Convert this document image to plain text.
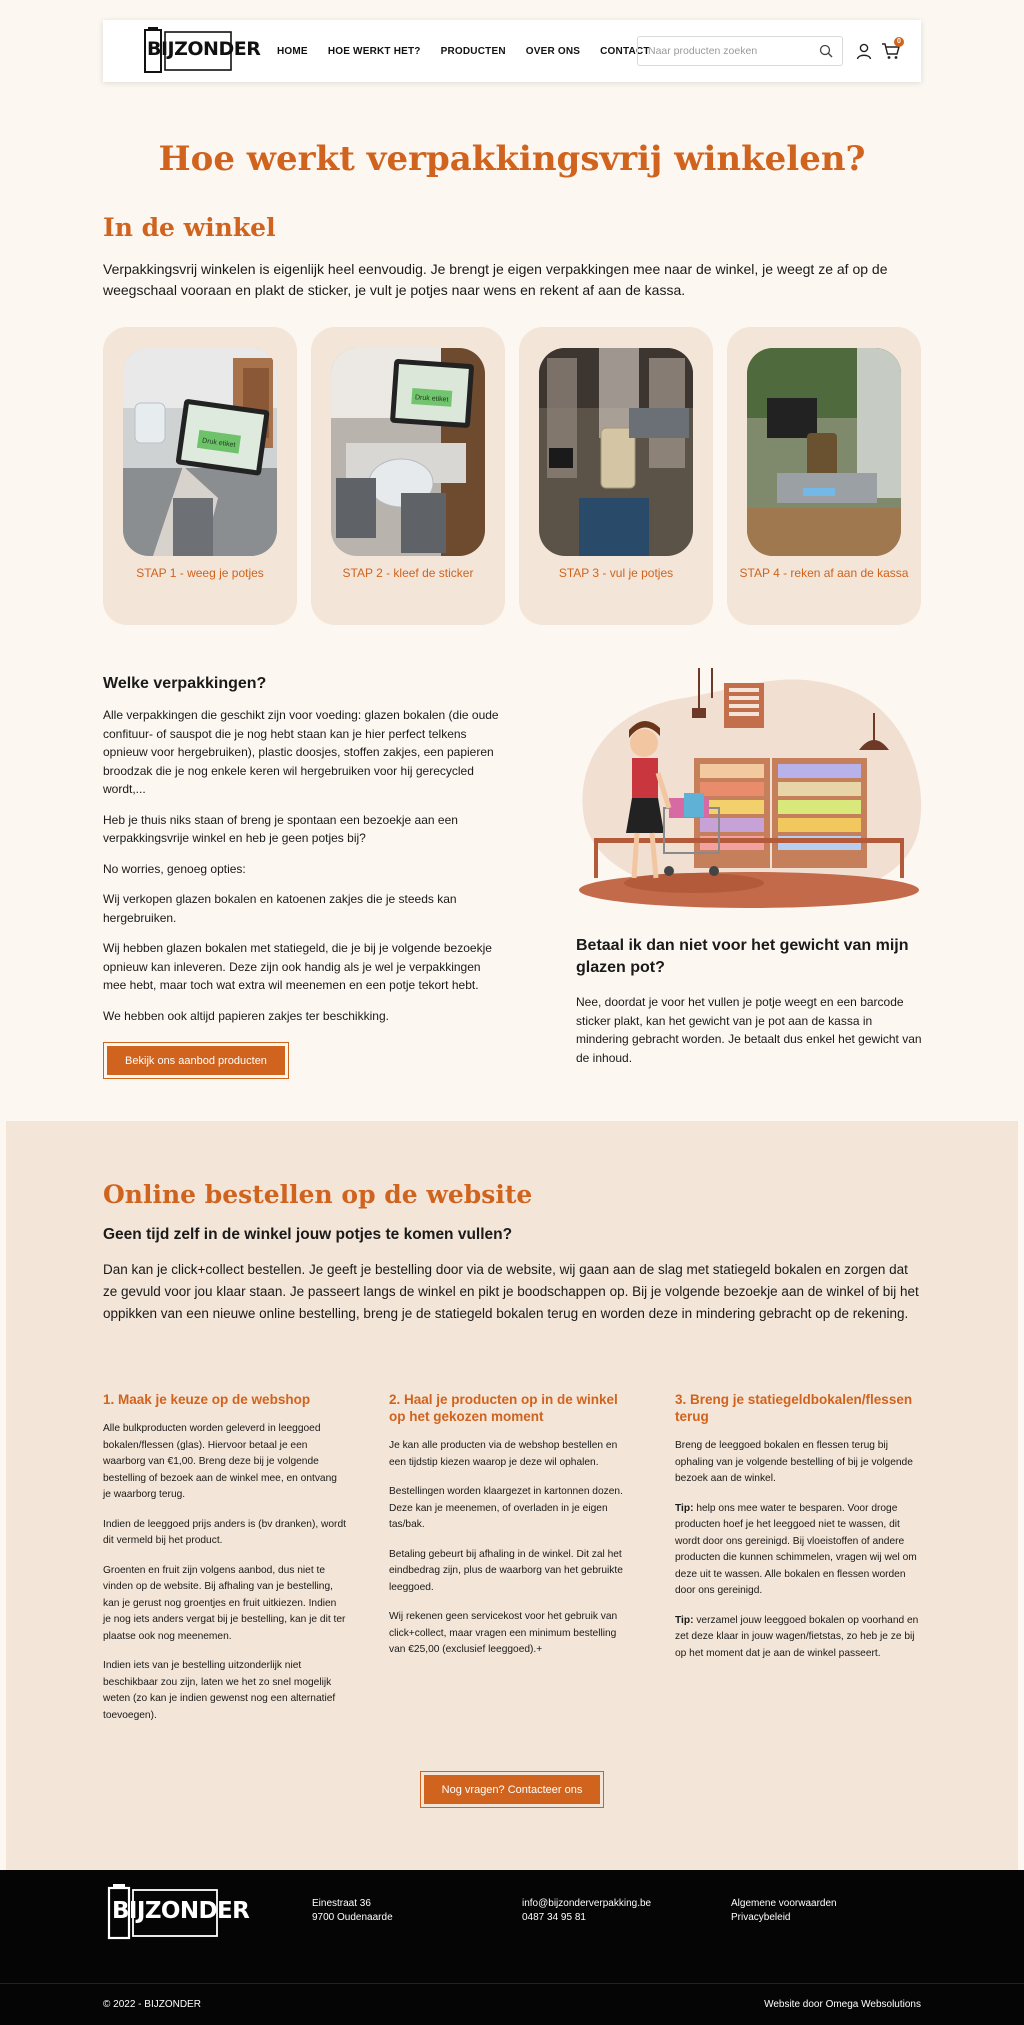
BIJZONDER HOME HOE WERKT HET? PRODUCTEN OVER ONS CONTACT
Naar producten zoeken
0
Hoe werkt verpakkingsvrij winkelen?
In de winkel

Verpakkingsvrij winkelen is eigenlijk heel eenvoudig. Je brengt je eigen verpakkingen mee naar de winkel, je weegt ze af op de weegschaal vooraan en plakt de sticker, je vult je potjes naar wens en rekent af aan de kassa.

Druk etiket

STAP 1 - weeg je potjes

Druk etiket

STAP 2 - kleef de sticker	STAP 3 - vul je potjes	STAP 4 - reken af aan de kassa

Welke verpakkingen?

Alle verpakkingen die geschikt zijn voor voeding: glazen bokalen (die oude confituur- of sauspot die je nog hebt staan kan je hier perfect telkens opnieuw voor hergebruiken), plastic doosjes, stoffen zakjes, een papieren broodzak die je nog enkele keren wil hergebruiken voor hij gerecycled wordt,...

Heb je thuis niks staan of breng je spontaan een bezoekje aan een verpakkingsvrije winkel en heb je geen potjes bij?

No worries, genoeg opties:

Wij verkopen glazen bokalen en katoenen zakjes die je steeds kan hergebruiken.

Wij hebben glazen bokalen met statiegeld, die je bij je volgende bezoekje opnieuw kan inleveren. Deze zijn ook handig als je wel je verpakkingen mee hebt, maar toch wat extra wil meenemen en een potje tekort hebt.

We hebben ook altijd papieren zakjes ter beschikking.

Bekijk ons aanbod producten
Betaal ik dan niet voor het gewicht van mijn glazen pot?

Nee, doordat je voor het vullen je potje weegt en een barcode sticker plakt, kan het gewicht van je pot aan de kassa in mindering gebracht worden. Je betaalt dus enkel het gewicht van de inhoud.

Online bestellen op de website

Geen tijd zelf in de winkel jouw potjes te komen vullen?

Dan kan je click+collect bestellen. Je geeft je bestelling door via de website, wij gaan aan de slag met statiegeld bokalen en zorgen dat ze gevuld voor jou klaar staan. Je passeert langs de winkel en pikt je boodschappen op. Bij je volgende bezoekje aan de winkel of bij het oppikken van een nieuwe online bestelling, breng je de statiegeld bokalen terug en worden deze in mindering gebracht op de rekening.

1. Maak je keuze op de webshop

Alle bulkproducten worden geleverd in leeggoed bokalen/flessen (glas). Hiervoor betaal je een waarborg van €1,00. Breng deze bij je volgende bestelling of bezoek aan de winkel mee, en ontvang je waarborg terug.

Indien de leeggoed prijs anders is (bv dranken), wordt dit vermeld bij het product.

Groenten en fruit zijn volgens aanbod, dus niet te vinden op de website. Bij afhaling van je bestelling, kan je gerust nog groentjes en fruit uitkiezen. Indien je nog iets anders vergat bij je bestelling, kan je dit ter plaatse ook nog meenemen.

Indien iets van je bestelling uitzonderlijk niet beschikbaar zou zijn, laten we het zo snel mogelijk weten (zo kan je indien gewenst nog een alternatief toevoegen).

2. Haal je producten op in de winkel op het gekozen moment

Je kan alle producten via de webshop bestellen en een tijdstip kiezen waarop je deze wil ophalen.

Bestellingen worden klaargezet in kartonnen dozen. Deze kan je meenemen, of overladen in je eigen tas/bak.

Betaling gebeurt bij afhaling in de winkel. Dit zal het eindbedrag zijn, plus de waarborg van het gebruikte leeggoed.

Wij rekenen geen servicekost voor het gebruik van click+collect, maar vragen een minimum bestelling van €25,00 (exclusief leeggoed).+

3. Breng je statiegeldbokalen/flessen terug

Breng de leeggoed bokalen en flessen terug bij ophaling van je volgende bestelling of bij je volgende bezoek aan de winkel.

Tip: help ons mee water te besparen. Voor droge producten hoef je het leeggoed niet te wassen, dit wordt door ons gereinigd. Bij vloeistoffen of andere producten die kunnen schimmelen, vragen wij wel om deze uit te wassen. Alle bokalen en flessen worden door ons gereinigd.

Tip: verzamel jouw leeggoed bokalen op voorhand en zet deze klaar in jouw wagen/fietstas, zo heb je ze bij op het moment dat je aan de winkel passeert.

Nog vragen? Contacteer ons
BIJZONDER	Einestraat 36
9700 Oudenaarde
info@bijzonderverpakking.be
0487 34 95 81
Algemene voorwaarden
Privacybeleid
© 2022 - BIJZONDER	Website door Omega Websolutions
